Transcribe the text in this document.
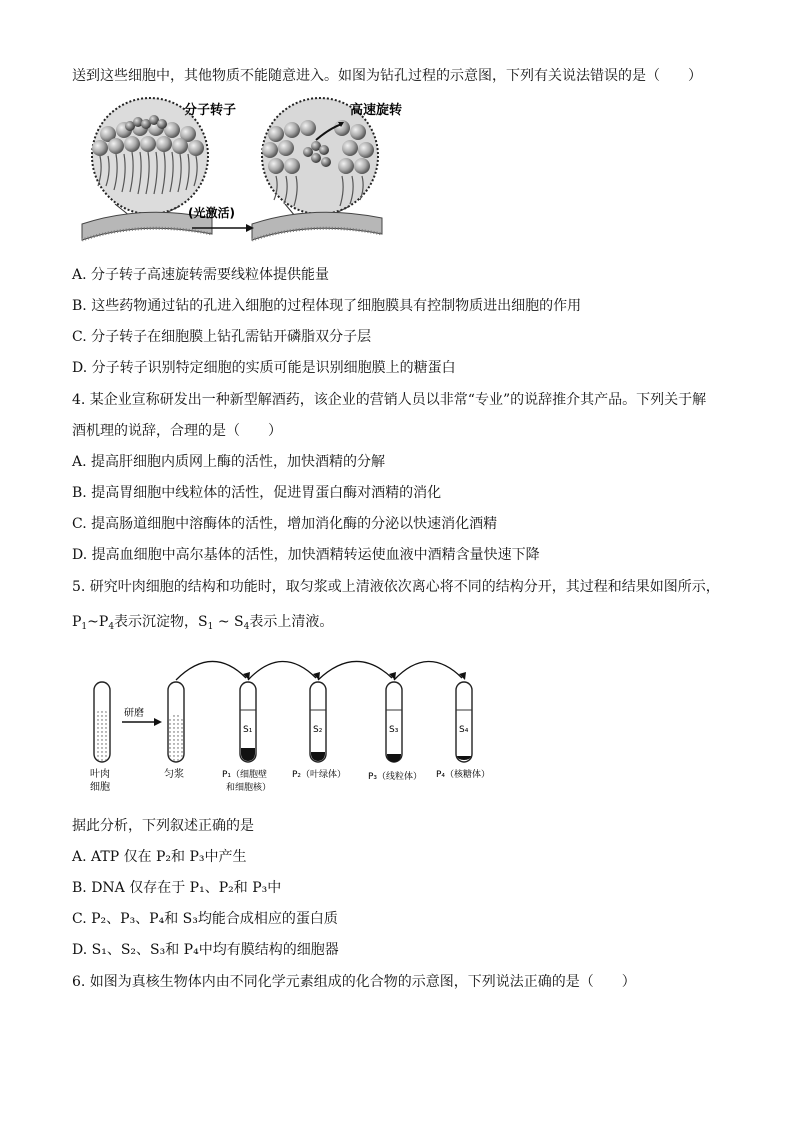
送到这些细胞中，其他物质不能随意进入。如图为钻孔过程的示意图，下列有关说法错误的是（　　）
分子转子	高速旋转
(光激活)
A. 分子转子高速旋转需要线粒体提供能量
B. 这些药物通过钻的孔进入细胞的过程体现了细胞膜具有控制物质进出细胞的作用
C. 分子转子在细胞膜上钻孔需钻开磷脂双分子层
D. 分子转子识别特定细胞的实质可能是识别细胞膜上的糖蛋白
4. 某企业宣称研发出一种新型解酒药，该企业的营销人员以非常“专业”的说辞推介其产品。下列关于解
酒机理的说辞，合理的是（　　）
A. 提高肝细胞内质网上酶的活性，加快酒精的分解
B. 提高胃细胞中线粒体的活性，促进胃蛋白酶对酒精的消化
C. 提高肠道细胞中溶酶体的活性，增加消化酶的分泌以快速消化酒精
D. 提高血细胞中高尔基体的活性，加快酒精转运使血液中酒精含量快速下降
5. 研究叶肉细胞的结构和功能时，取匀浆或上清液依次离心将不同的结构分开，其过程和结果如图所示，
$P_1\sim P_4$表示沉淀物，$S_1$ ~ $S_4$表示上清液。
研磨
S₁	S₂	S₃	S₄
叶肉
细胞
匀浆	P₁（细胞壁
和细胞核）
P₂（叶绿体） P₃（线粒体） P₄（核糖体）
据此分析，下列叙述正确的是
A. ATP 仅在 P₂和 P₃中产生
B. DNA 仅存在于 P₁、P₂和 P₃中
C. P₂、P₃、P₄和 S₃均能合成相应的蛋白质
D. S₁、S₂、S₃和 P₄中均有膜结构的细胞器
6. 如图为真核生物体内由不同化学元素组成的化合物的示意图，下列说法正确的是（　　）
